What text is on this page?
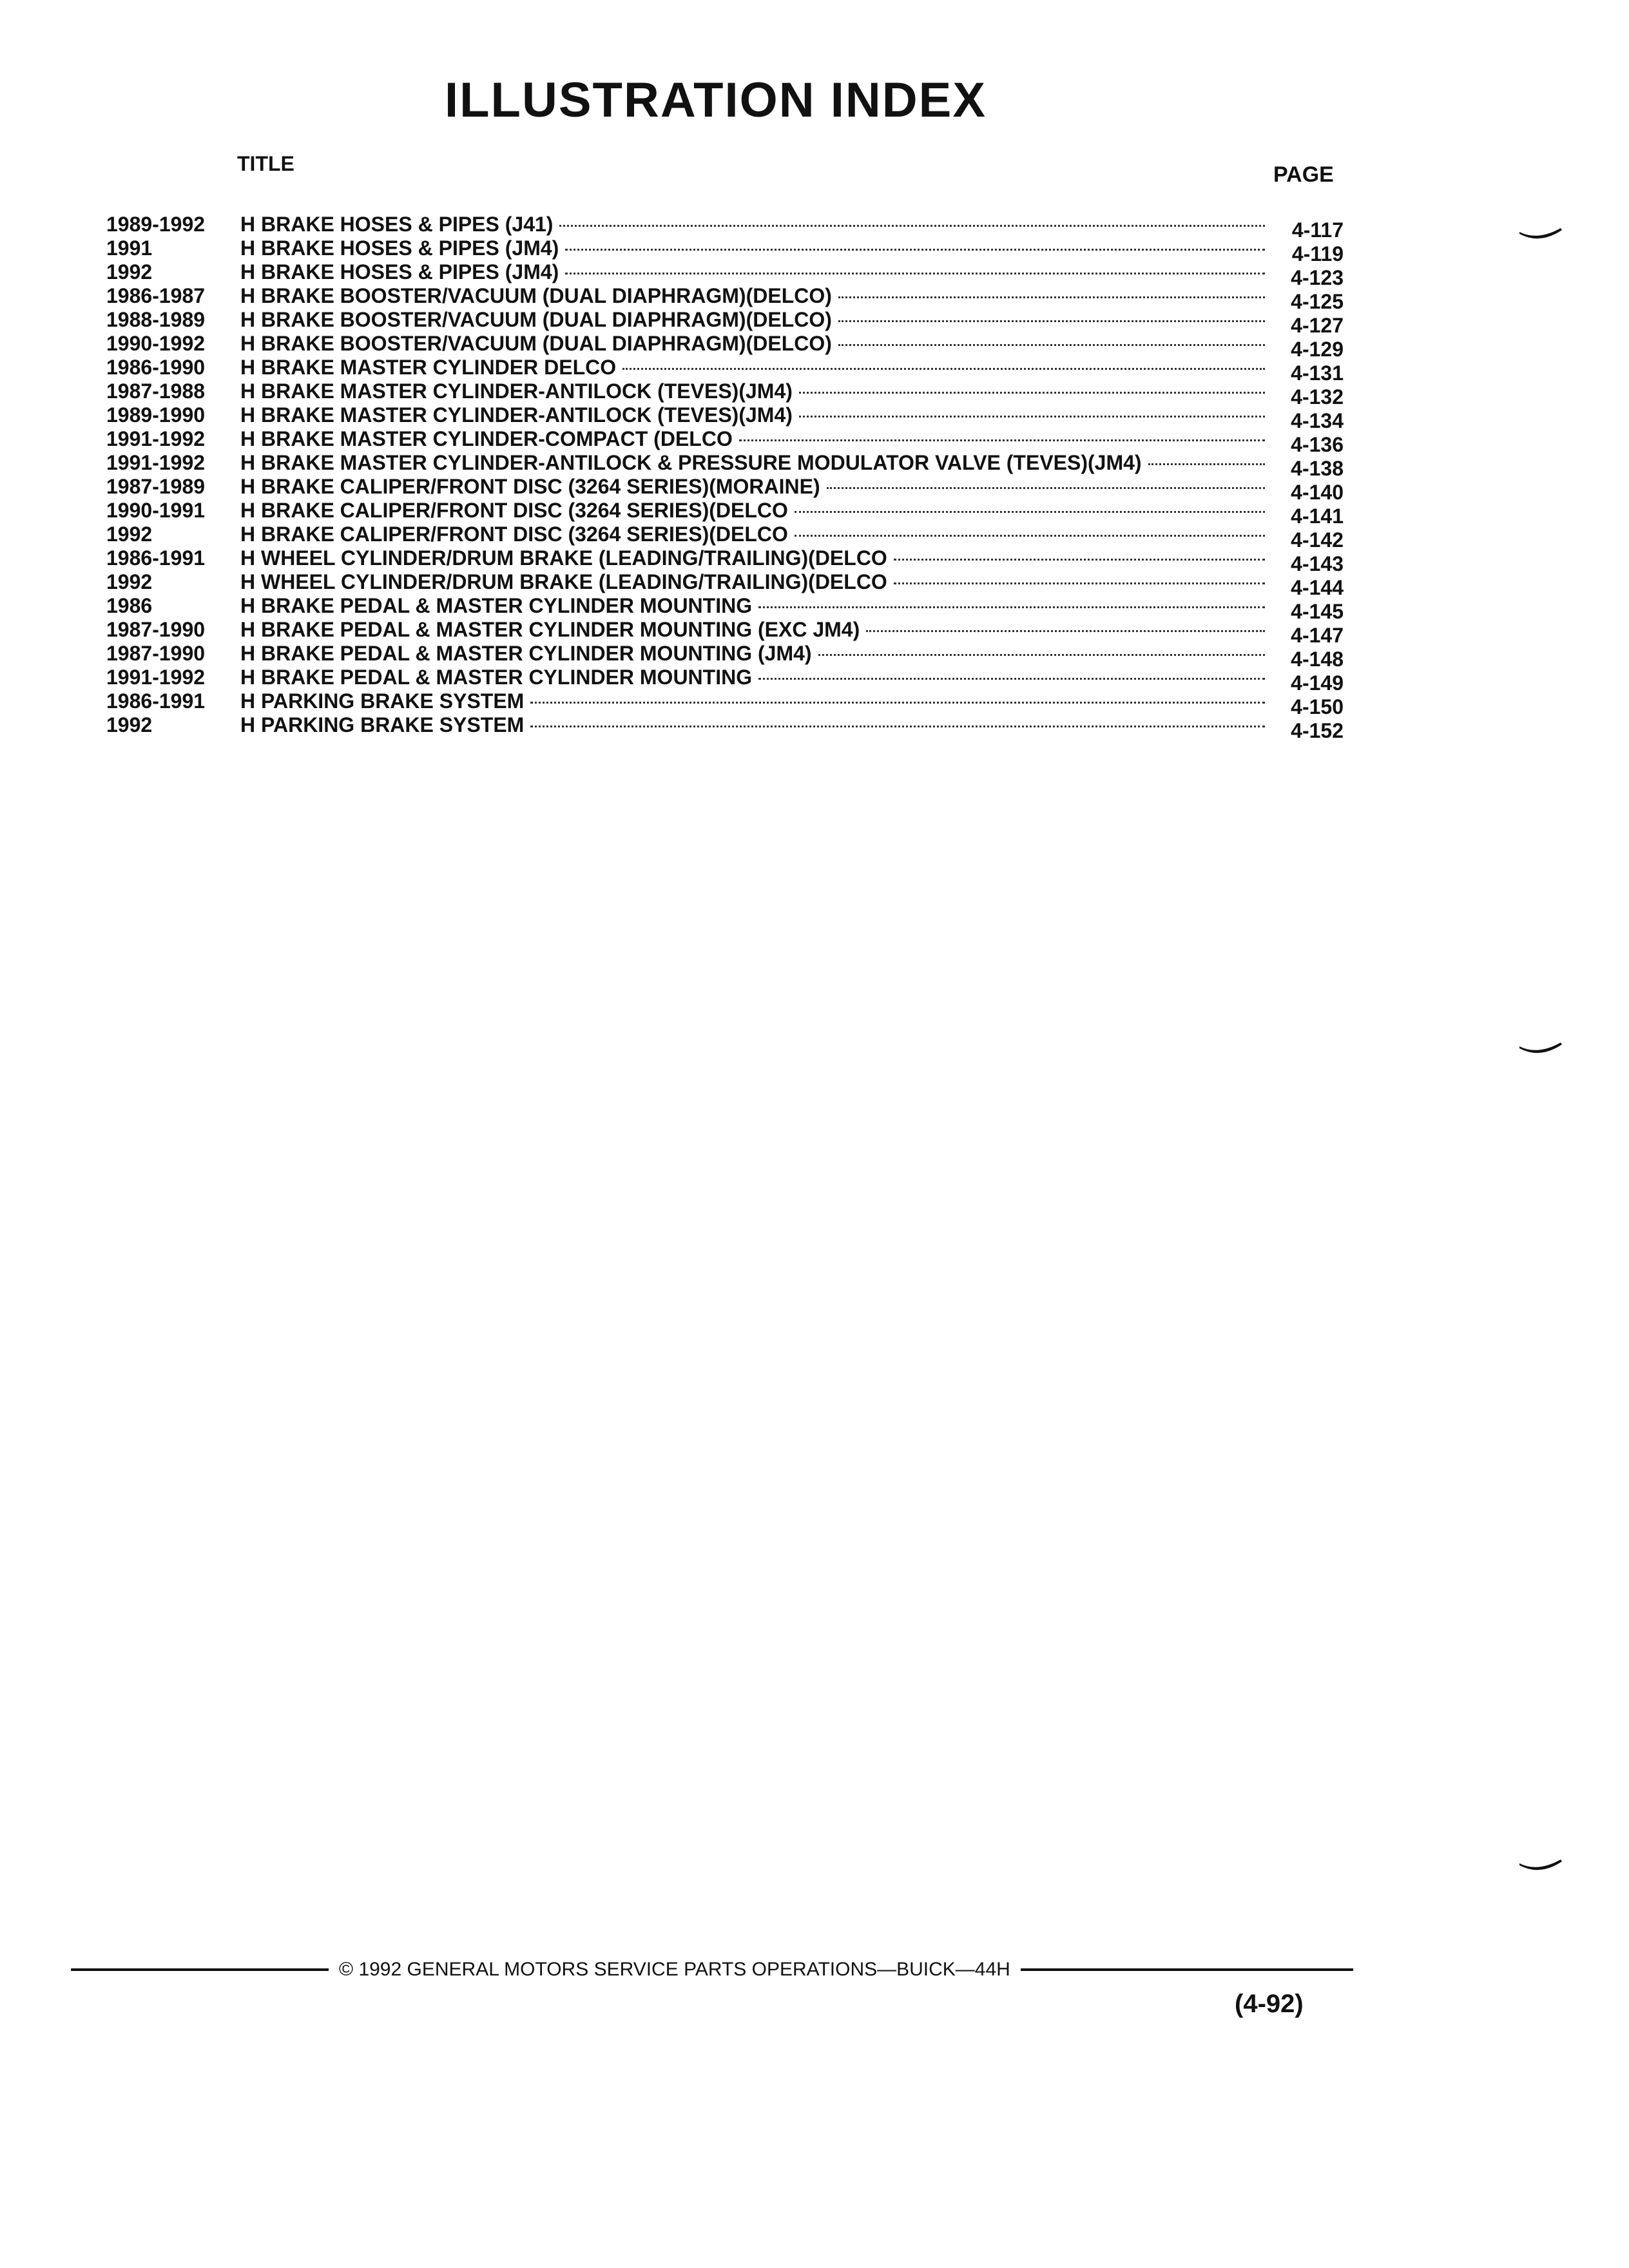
ILLUSTRATION INDEX
TITLE	PAGE
1989-1992	H BRAKE HOSES & PIPES (J41)	4-117
1991	H BRAKE HOSES & PIPES (JM4)	4-119
1992	H BRAKE HOSES & PIPES (JM4)	4-123
1986-1987	H BRAKE BOOSTER/VACUUM (DUAL DIAPHRAGM)(DELCO)	4-125
1988-1989	H BRAKE BOOSTER/VACUUM (DUAL DIAPHRAGM)(DELCO)	4-127
1990-1992	H BRAKE BOOSTER/VACUUM (DUAL DIAPHRAGM)(DELCO)	4-129
1986-1990	H BRAKE MASTER CYLINDER DELCO	4-131
1987-1988	H BRAKE MASTER CYLINDER-ANTILOCK (TEVES)(JM4)	4-132
1989-1990	H BRAKE MASTER CYLINDER-ANTILOCK (TEVES)(JM4)	4-134
1991-1992	H BRAKE MASTER CYLINDER-COMPACT (DELCO	4-136
1991-1992	H BRAKE MASTER CYLINDER-ANTILOCK & PRESSURE MODULATOR VALVE (TEVES)(JM4)	4-138
1987-1989	H BRAKE CALIPER/FRONT DISC (3264 SERIES)(MORAINE)	4-140
1990-1991	H BRAKE CALIPER/FRONT DISC (3264 SERIES)(DELCO	4-141
1992	H BRAKE CALIPER/FRONT DISC (3264 SERIES)(DELCO	4-142
1986-1991	H WHEEL CYLINDER/DRUM BRAKE (LEADING/TRAILING)(DELCO	4-143
1992	H WHEEL CYLINDER/DRUM BRAKE (LEADING/TRAILING)(DELCO	4-144
1986	H BRAKE PEDAL & MASTER CYLINDER MOUNTING	4-145
1987-1990	H BRAKE PEDAL & MASTER CYLINDER MOUNTING (EXC JM4)	4-147
1987-1990	H BRAKE PEDAL & MASTER CYLINDER MOUNTING (JM4)	4-148
1991-1992	H BRAKE PEDAL & MASTER CYLINDER MOUNTING	4-149
1986-1991	H PARKING BRAKE SYSTEM	4-150
1992	H PARKING BRAKE SYSTEM	4-152
© 1992 GENERAL MOTORS SERVICE PARTS OPERATIONS—BUICK—44H
(4-92)
